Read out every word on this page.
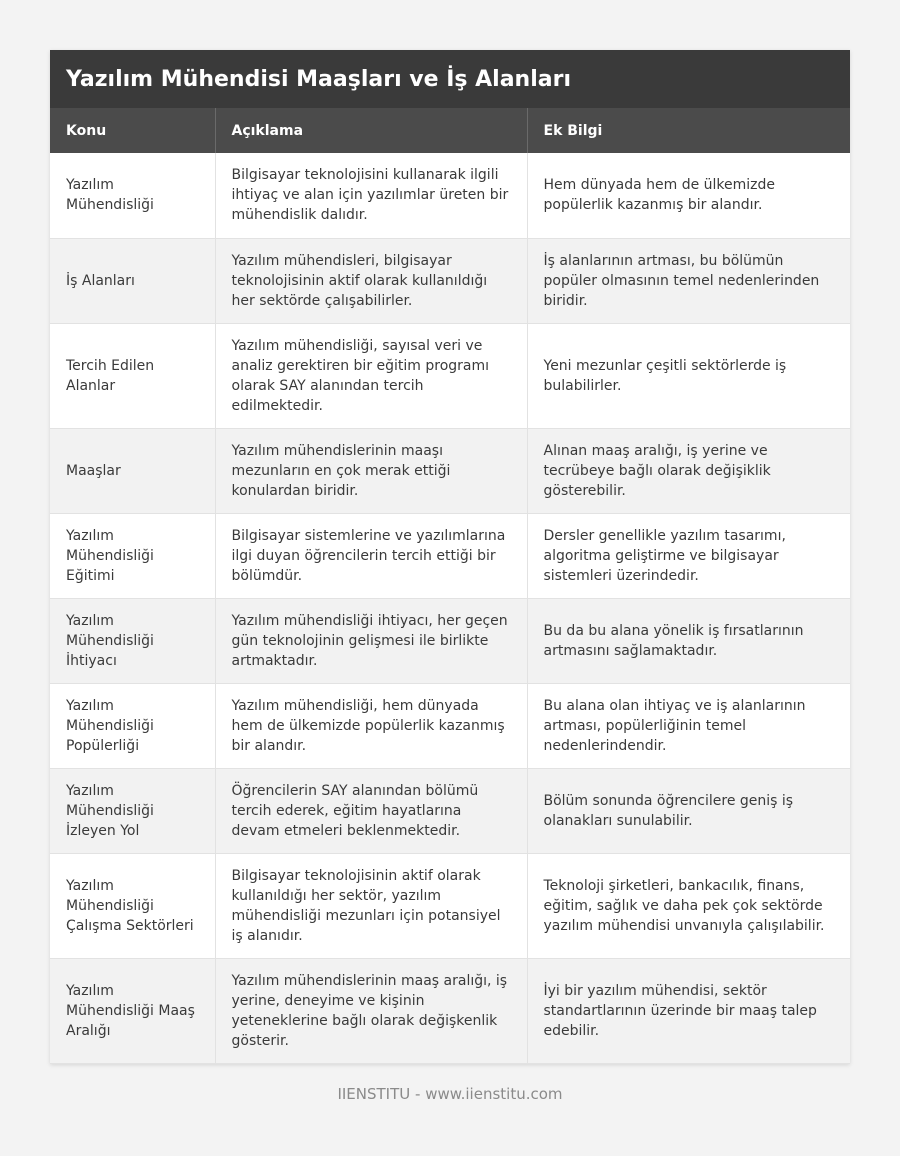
Yazılım Mühendisi Maaşları ve İş Alanları
Konu	Açıklama	Ek Bilgi
Yazılım Mühendisliği	Bilgisayar teknolojisini kullanarak ilgili ihtiyaç ve alan için yazılımlar üreten bir mühendislik dalıdır.	Hem dünyada hem de ülkemizde popülerlik kazanmış bir alandır.
İş Alanları	Yazılım mühendisleri, bilgisayar teknolojisinin aktif olarak kullanıldığı her sektörde çalışabilirler.	İş alanlarının artması, bu bölümün popüler olmasının temel nedenlerinden biridir.
Tercih Edilen Alanlar	Yazılım mühendisliği, sayısal veri ve analiz gerektiren bir eğitim programı olarak SAY alanından tercih edilmektedir.	Yeni mezunlar çeşitli sektörlerde iş bulabilirler.
Maaşlar	Yazılım mühendislerinin maaşı mezunların en çok merak ettiği konulardan biridir.	Alınan maaş aralığı, iş yerine ve tecrübeye bağlı olarak değişiklik gösterebilir.
Yazılım Mühendisliği Eğitimi	Bilgisayar sistemlerine ve yazılımlarına ilgi duyan öğrencilerin tercih ettiği bir bölümdür.	Dersler genellikle yazılım tasarımı, algoritma geliştirme ve bilgisayar sistemleri üzerindedir.
Yazılım Mühendisliği İhtiyacı	Yazılım mühendisliği ihtiyacı, her geçen gün teknolojinin gelişmesi ile birlikte artmaktadır.	Bu da bu alana yönelik iş fırsatlarının artmasını sağlamaktadır.
Yazılım Mühendisliği Popülerliği	Yazılım mühendisliği, hem dünyada hem de ülkemizde popülerlik kazanmış bir alandır.	Bu alana olan ihtiyaç ve iş alanlarının artması, popülerliğinin temel nedenlerindendir.
Yazılım Mühendisliği İzleyen Yol	Öğrencilerin SAY alanından bölümü tercih ederek, eğitim hayatlarına devam etmeleri beklenmektedir.	Bölüm sonunda öğrencilere geniş iş olanakları sunulabilir.
Yazılım Mühendisliği Çalışma Sektörleri	Bilgisayar teknolojisinin aktif olarak kullanıldığı her sektör, yazılım mühendisliği mezunları için potansiyel iş alanıdır.	Teknoloji şirketleri, bankacılık, finans, eğitim, sağlık ve daha pek çok sektörde yazılım mühendisi unvanıyla çalışılabilir.
Yazılım Mühendisliği Maaş Aralığı	Yazılım mühendislerinin maaş aralığı, iş yerine, deneyime ve kişinin yeteneklerine bağlı olarak değişkenlik gösterir.	İyi bir yazılım mühendisi, sektör standartlarının üzerinde bir maaş talep edebilir.
IIENSTITU - www.iienstitu.com
